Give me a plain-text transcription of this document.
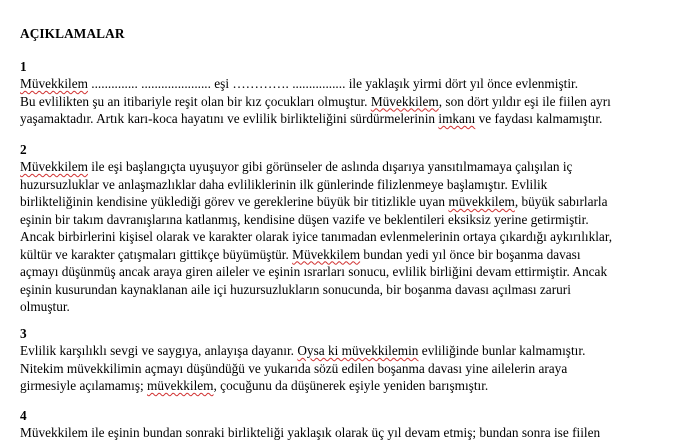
AÇIKLAMALAR
1
Müvekkilem .............. ..................... eşi …………. ................ ile yaklaşık yirmi dört yıl önce evlenmiştir.
Bu evlilikten şu an itibariyle reşit olan bir kız çocukları olmuştur. Müvekkilem, son dört yıldır eşi ile fiilen ayrı
yaşamaktadır. Artık karı-koca hayatını ve evlilik birlikteliğini sürdürmelerinin imkanı ve faydası kalmamıştır.
2
Müvekkilem ile eşi başlangıçta uyuşuyor gibi görünseler de aslında dışarıya yansıtılmamaya çalışılan iç
huzursuzluklar ve anlaşmazlıklar daha evliliklerinin ilk günlerinde filizlenmeye başlamıştır. Evlilik
birlikteliğinin kendisine yüklediği görev ve gereklerine büyük bir titizlikle uyan müvekkilem, büyük sabırlarla
eşinin bir takım davranışlarına katlanmış, kendisine düşen vazife ve beklentileri eksiksiz yerine getirmiştir.
Ancak birbirlerini kişisel olarak ve karakter olarak iyice tanımadan evlenmelerinin ortaya çıkardığı aykırılıklar,
kültür ve karakter çatışmaları gittikçe büyümüştür. Müvekkilem bundan yedi yıl önce bir boşanma davası
açmayı düşünmüş ancak araya giren aileler ve eşinin ısrarları sonucu, evlilik birliğini devam ettirmiştir. Ancak
eşinin kusurundan kaynaklanan aile içi huzursuzlukların sonucunda, bir boşanma davası açılması zaruri
olmuştur.
3
Evlilik karşılıklı sevgi ve saygıya, anlayışa dayanır. Oysa ki müvekkilemin evliliğinde bunlar kalmamıştır.
Nitekim müvekkilimin açmayı düşündüğü ve yukarıda sözü edilen boşanma davası yine ailelerin araya
girmesiyle açılamamış; müvekkilem, çocuğunu da düşünerek eşiyle yeniden barışmıştır.
4
Müvekkilem ile eşinin bundan sonraki birlikteliği yaklaşık olarak üç yıl devam etmiş; bundan sonra ise fiilen
